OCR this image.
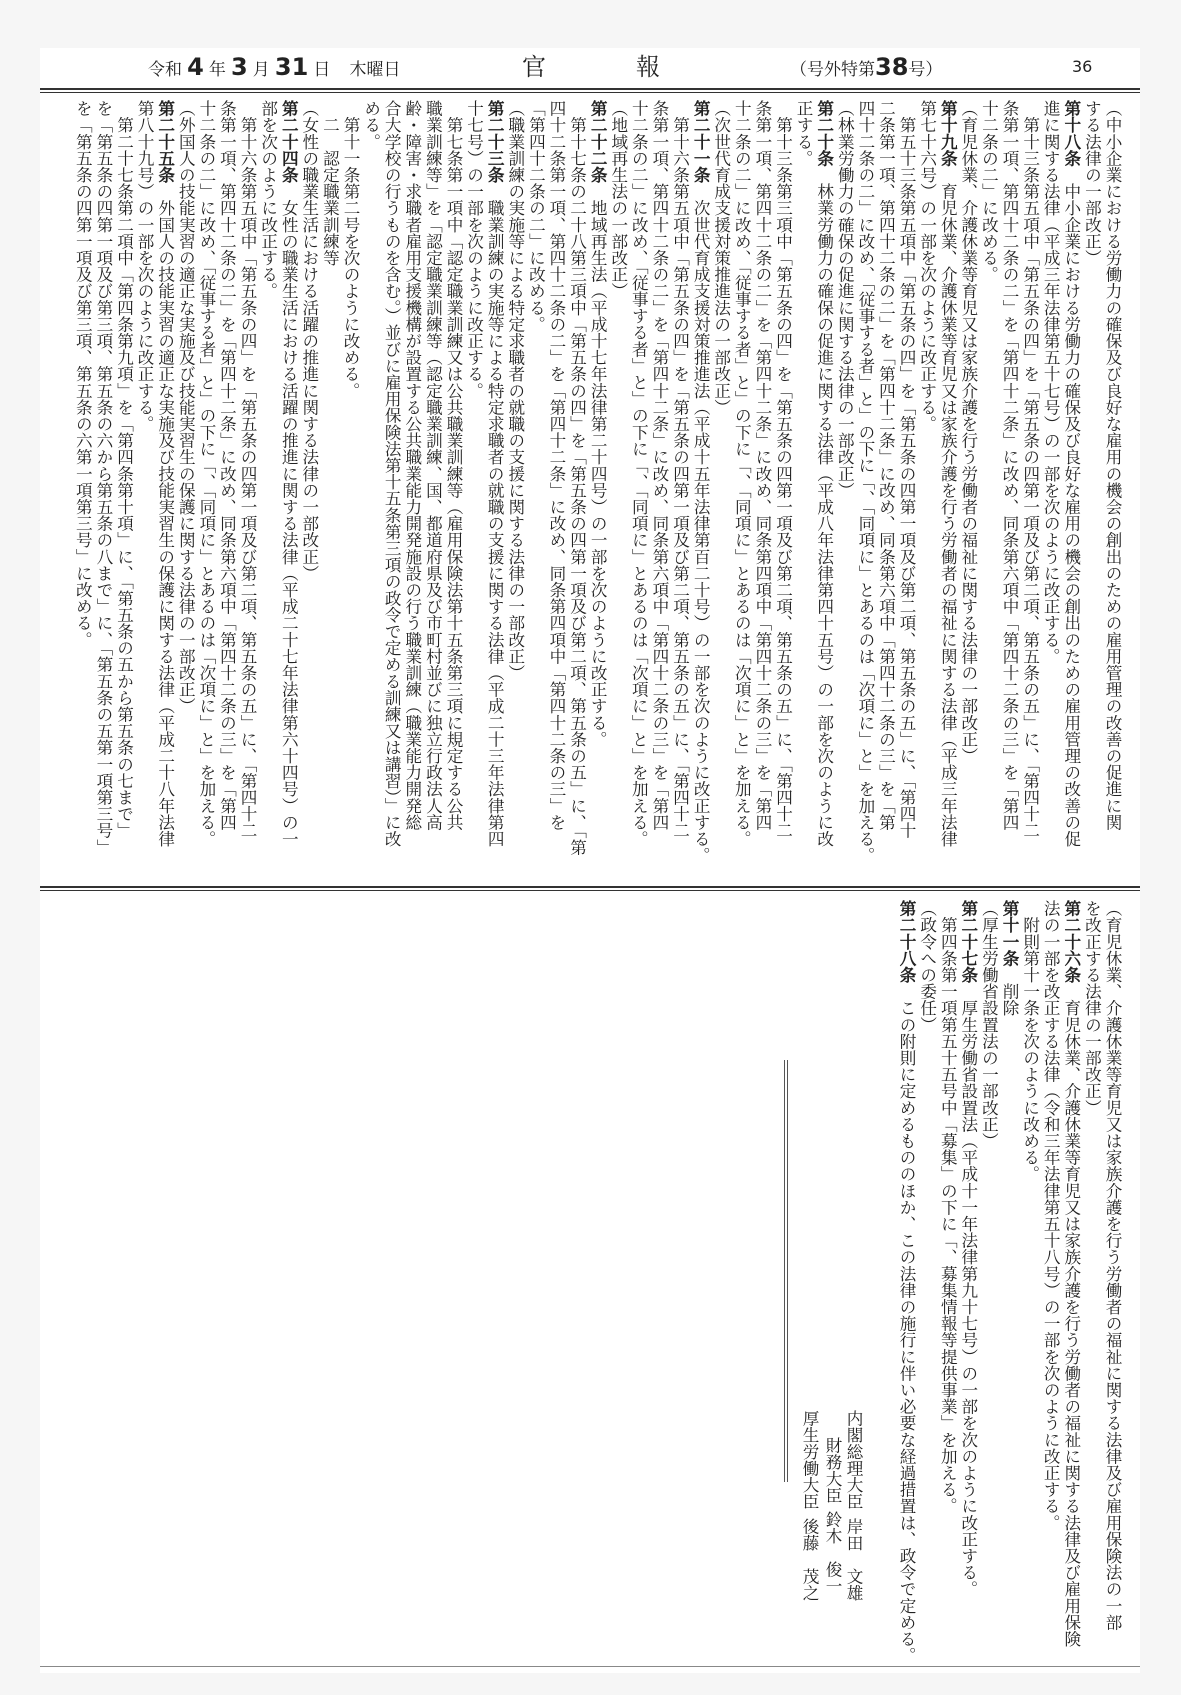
令和 4 年 3 月 31 日 木曜日	官	報	（号外特第38号）	36
（中小企業における労働力の確保及び良好な雇用の機会の創出のための雇用管理の改善の促進に関
する法律の一部改正）
第十八条　中小企業における労働力の確保及び良好な雇用の機会の創出のための雇用管理の改善の促
進に関する法律（平成三年法律第五十七号）の一部を次のように改正する。
　第十三条第五項中「第五条の四」を「第五条の四第一項及び第二項、第五条の五」に、「第四十二
条第一項、第四十二条の二」を「第四十二条」に改め、同条第六項中「第四十二条の三」を「第四
十二条の二」に改める。
（育児休業、介護休業等育児又は家族介護を行う労働者の福祉に関する法律の一部改正）
第十九条　育児休業、介護休業等育児又は家族介護を行う労働者の福祉に関する法律（平成三年法律
第七十六号）の一部を次のように改正する。
　第五十三条第五項中「第五条の四」を「第五条の四第一項及び第二項、第五条の五」に、「第四十
二条第一項、第四十二条の二」を「第四十二条」に改め、同条第六項中「第四十二条の三」を「第
四十二条の二」に改め、「従事する者」と」の下に「、「同項に」とあるのは「次項に」と」を加える。
（林業労働力の確保の促進に関する法律の一部改正）
第二十条　林業労働力の確保の促進に関する法律（平成八年法律第四十五号）の一部を次のように改
正する。
　第十三条第三項中「第五条の四」を「第五条の四第一項及び第二項、第五条の五」に、「第四十二
条第一項、第四十二条の二」を「第四十二条」に改め、同条第四項中「第四十二条の三」を「第四
十二条の二」に改め、「従事する者」と」の下に「、「同項に」とあるのは「次項に」と」を加える。
（次世代育成支援対策推進法の一部改正）
第二十一条　次世代育成支援対策推進法（平成十五年法律第百二十号）の一部を次のように改正する。
　第十六条第五項中「第五条の四」を「第五条の四第一項及び第二項、第五条の五」に、「第四十二
条第一項、第四十二条の二」を「第四十二条」に改め、同条第六項中「第四十二条の三」を「第四
十二条の二」に改め、「従事する者」と」の下に「、「同項に」とあるのは「次項に」と」を加える。
（地域再生法の一部改正）
第二十二条　地域再生法（平成十七年法律第二十四号）の一部を次のように改正する。
　第十七条の二十八第三項中「第五条の四」を「第五条の四第一項及び第二項、第五条の五」に、「第
四十二条第一項、第四十二条の二」を「第四十二条」に改め、同条第四項中「第四十二条の三」を
「第四十二条の二」に改める。
（職業訓練の実施等による特定求職者の就職の支援に関する法律の一部改正）
第二十三条　職業訓練の実施等による特定求職者の就職の支援に関する法律（平成二十三年法律第四
十七号）の一部を次のように改正する。
　第七条第一項中「認定職業訓練又は公共職業訓練等（雇用保険法第十五条第三項に規定する公共
職業訓練等」を「認定職業訓練等（認定職業訓練、国、都道府県及び市町村並びに独立行政法人高
齢・障害・求職者雇用支援機構が設置する公共職業能力開発施設の行う職業訓練（職業能力開発総
合大学校の行うものを含む。）並びに雇用保険法第十五条第三項の政令で定める訓練又は講習）」に改
める。
　第十一条第二号を次のように改める。
　二　認定職業訓練等
（女性の職業生活における活躍の推進に関する法律の一部改正）
第二十四条　女性の職業生活における活躍の推進に関する法律（平成二十七年法律第六十四号）の一
部を次のように改正する。
　第十六条第五項中「第五条の四」を「第五条の四第一項及び第二項、第五条の五」に、「第四十二
条第一項、第四十二条の二」を「第四十二条」に改め、同条第六項中「第四十二条の三」を「第四
十二条の二」に改め、「従事する者」と」の下に「、「同項に」とあるのは「次項に」と」を加える。
（外国人の技能実習の適正な実施及び技能実習生の保護に関する法律の一部改正）
第二十五条　外国人の技能実習の適正な実施及び技能実習生の保護に関する法律（平成二十八年法律
第八十九号）の一部を次のように改正する。
　第二十七条第二項中「第四条第九項」を「第四条第十項」に、「第五条の五から第五条の七まで」
を「第五条の四第一項及び第三項、第五条の六から第五条の八まで」に、「第五条の五第一項第三号」
を「第五条の四第一項及び第三項、第五条の六第一項第三号」に改める。
（育児休業、介護休業等育児又は家族介護を行う労働者の福祉に関する法律及び雇用保険法の一部
を改正する法律の一部改正）
第二十六条　育児休業、介護休業等育児又は家族介護を行う労働者の福祉に関する法律及び雇用保険
法の一部を改正する法律（令和三年法律第五十八号）の一部を次のように改正する。
　附則第十一条を次のように改める。
第十一条　削除
（厚生労働省設置法の一部改正）
第二十七条　厚生労働省設置法（平成十一年法律第九十七号）の一部を次のように改正する。
　第四条第一項第五十五号中「募集」の下に「、募集情報等提供事業」を加える。
（政令への委任）
第二十八条　この附則に定めるもののほか、この法律の施行に伴い必要な経過措置は、政令で定める。
内閣総理大臣岸田　文雄
財務大臣鈴木　俊一
厚生労働大臣後藤　茂之
